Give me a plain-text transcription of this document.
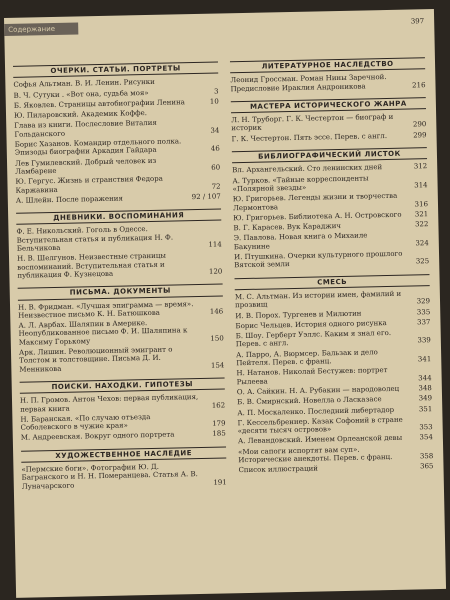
Содержание
397
ОЧЕРКИ. СТАТЬИ. ПОРТРЕТЫ
Софья Альтман. В. И. Ленин. Рисунки
В. Ч. Сутуки . «Вот она, судьба моя»	3
Б. Яковлев. Страницы автобиографии Ленина	10
Ю. Пиларовский. Академик Коффе.
Глава из книги. Послесловие Виталия Гольданского	34
Борис Хазанов. Командир отдельного полка. Эпизоды биографии Аркадия Гайдара	46
Лев Гумилевский. Добрый человек из Ламбарене	60
Ю. Гергус. Жизнь и странствия Федора Каржавина	72
А. Шлейн. После поражения	92 / 107
ДНЕВНИКИ. ВОСПОМИНАНИЯ
Ф. Е. Никольский. Гоголь в Одессе. Вступительная статья и публикация Н. Ф. Бельчикова	114
Н. В. Шелгунов. Неизвестные страницы воспоминаний. Вступительная статья и публикация Ф. Кузнецова	120
ПИСЬМА. ДОКУМЕНТЫ
Н. В. Фридман. «Лучшая эпиграмма — время». Неизвестное письмо К. Н. Батюшкова	146
А. Л. Аврбах. Шаляпин в Америке. Неопубликованное письмо Ф. И. Шаляпина к Максиму Горькому	150
Арк. Лишин. Революционный эмигрант о Толстом и толстовщине. Письма Д. И. Менникова	154
ПОИСКИ. НАХОДКИ. ГИПОТЕЗЫ
Н. П. Громов. Антон Чехов: первая публикация, первая книга	162
Н. Баранская. «По случаю отъезда Соболевского в чужие края»	179
М. Андреевская. Вокруг одного портрета	185
ХУДОЖЕСТВЕННОЕ НАСЛЕДИЕ
«Пермские боги». Фотографии Ю. Д. Багранского и Н. Н. Померанцева. Статья А. В. Луначарского	191
ЛИТЕРАТУРНОЕ НАСЛЕДСТВО
Леонид Гроссман. Роман Нины Заречной. Предисловие Ираклия Андроникова	216
МАСТЕРА ИСТОРИЧЕСКОГО ЖАНРА
Л. Н. Трубoрг. Г. К. Честертон — биограф и историк	290
Г. К. Честертон. Пять эссе. Перев. с англ.	299
БИБЛИОГРАФИЧЕСКИЙ ЛИСТОК
Вл. Архангельский. Сто ленинских дней	312
А. Турков. «Тайные корреспонденты «Полярной звезды»	314
Ю. Григорьев. Легенды жизни и творчества Лермонтова	316
Ю. Григорьев. Библиотека А. Н. Островского 321
В. Г. Карасев. Вук Караджич	322
Э. Павлова. Новая книга о Михаиле Бакунине	324
И. Птушкина. Очерки культурного прошлого Вятской земли	325
СМЕСЬ
М. С. Альтман. Из истории имен, фамилий и прозвищ	329
И. В. Порох. Тургенев и Милютин	335
Борис Чельцев. История одного рисунка	337
Б. Шоу. Герберт Уэллс. Каким я знал его. Перев. с англ.	339
А. Парро, А. Вюрмсер. Бальзак и дело Пейтеля. Перев. с франц.	341
Н. Натанов. Николай Бестужев: портрет Рылеева	344
О. А. Сайкин. Н. А. Рубакин — народоволец	348
Б. В. Смирнский. Новелла о Ласказасе	349
А. П. Москаленко. Последний либертадор	351
Г. Кессельбреннер. Казак Софоний в стране «десяти тысяч островов»	353
А. Левандовский. Именем Орлеанской девы 354
«Мои сапоги испортят вам суп». Исторические анекдоты. Перев. с франц.	358
Список иллюстраций	365
